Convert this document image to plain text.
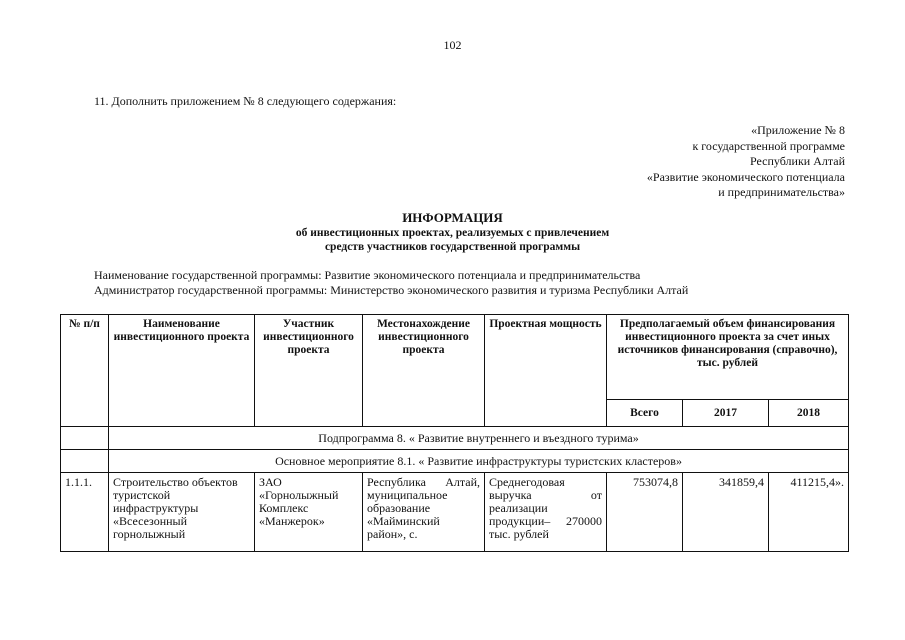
102
11. Дополнить приложением № 8 следующего содержания:
«Приложение № 8
к государственной программе
Республики Алтай
«Развитие экономического потенциала
и предпринимательства»
ИНФОРМАЦИЯ
об инвестиционных проектах, реализуемых с привлечением
средств участников государственной программы
Наименование государственной программы: Развитие экономического потенциала и предпринимательства
Администратор государственной программы: Министерство экономического развития и туризма Республики Алтай
№ п/п	Наименование инвестиционного проекта	Участник инвестиционного проекта	Местонахождение инвестиционного проекта	Проектная мощность	Предполагаемый объем финансирования инвестиционного проекта за счет иных источников финансирования (справочно), тыс. рублей		
					Всего	2017	2018
	Подпрограмма 8. « Развитие внутреннего и въездного турима»						
	Основное мероприятие 8.1. « Развитие инфраструктуры туристских кластеров»						
1.1.1.	Строительство объектов туристской инфраструктуры «Всесезонный горнолыжный	ЗАО «Горнолыжный Комплекс «Манжерок»	Республика Алтай, муниципальное образование «Майминский район», с.	Среднегодовая выручка от реализации продукции– 270000 тыс. рублей	753074,8	341859,4	411215,4».
